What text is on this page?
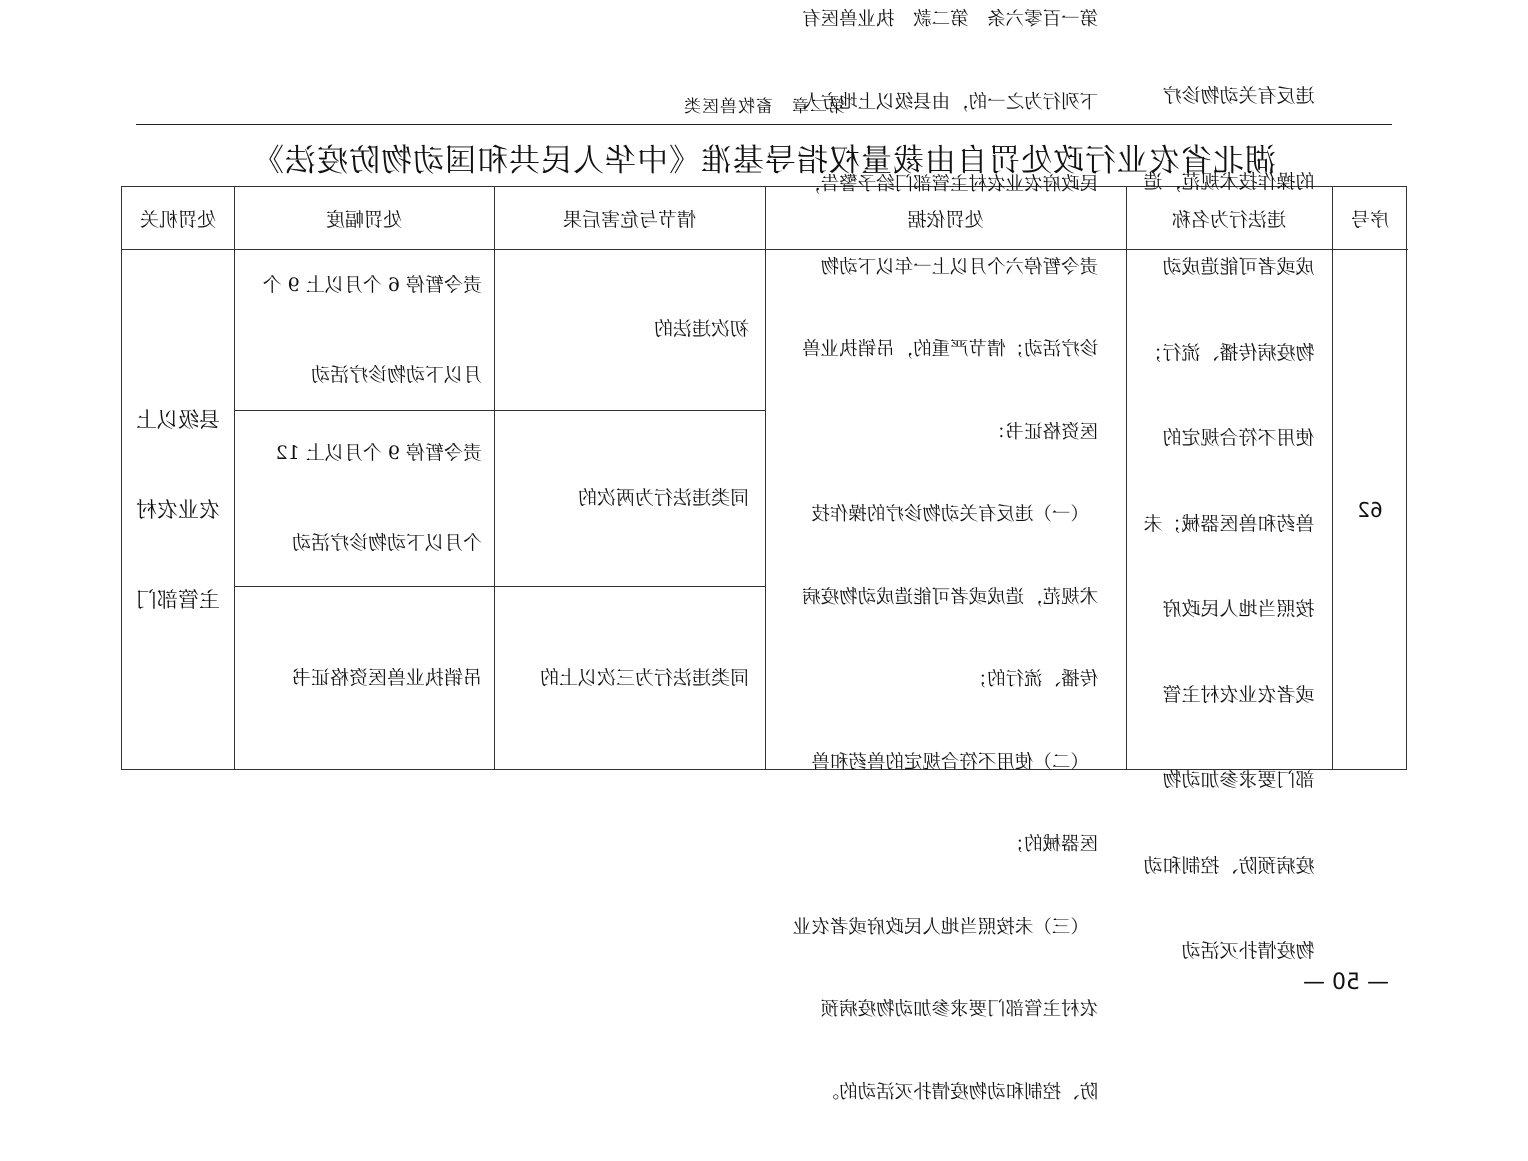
第二章　畜牧兽医类
湖北省农业行政处罚自由裁量权指导基准《中华人民共和国动物防疫法》
序号
违法行为名称
处罚依据
情节与危害后果
处罚幅度
处罚机关
62

违反有关动物诊疗

的操作技术规范，造

成或者可能造成动

物疫病传播、流行；

使用不符合规定的

兽药和兽医器械；未

按照当地人民政府

或者农业农村主管

部门要求参加动物

疫病预防、控制和动

物疫情扑灭活动

第一百零六条　第二款　执业兽医有

下列行为之一的，由县级以上地方人

民政府农业农村主管部门给予警告，

责令暂停六个月以上一年以下动物

诊疗活动；情节严重的，吊销执业兽

医资格证书：

　（一）违反有关动物诊疗的操作技

术规范，造成或者可能造成动物疫病

传播、流行的；

　（二）使用不符合规定的兽药和兽

医器械的；

　（三）未按照当地人民政府或者农业

农村主管部门要求参加动物疫病预

防、控制和动物疫情扑灭活动的。

初次违法的
同类违法行为两次的
同类违法行为三次以上的

责令暂停 6 个月以上 9 个

月以下动物诊疗活动

责令暂停 9 个月以上 12

个月以下动物诊疗活动

吊销执业兽医资格证书

县级以上

农业农村

主管部门

— 50 —
